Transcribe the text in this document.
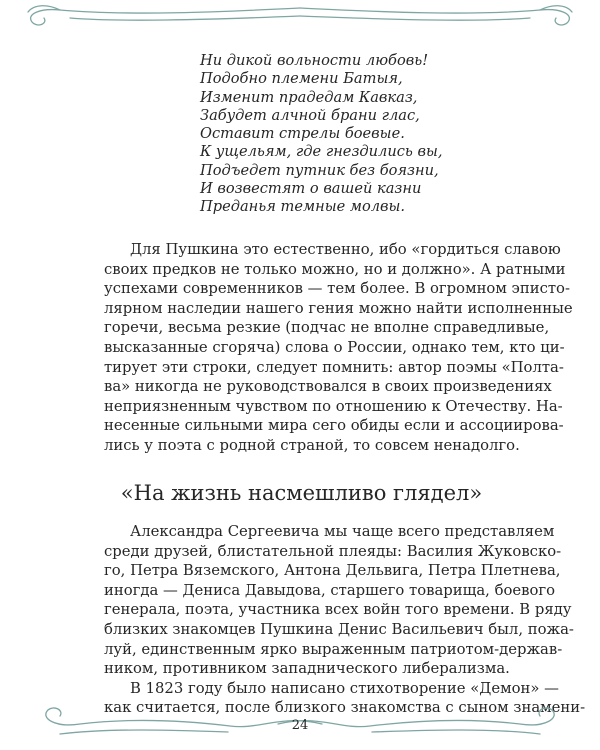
Ни дикой вольности любовь!
Подобно племени Батыя,
Изменит прадедам Кавказ,
Забудет алчной брани глас,
Оставит стрелы боевые.
К ущельям, где гнездились вы,
Подъедет путник без боязни,
И возвестят о вашей казни
Преданья темные молвы.
Для Пушкина это естественно, ибо «гордиться славою
своих предков не только можно, но и должно». А ратными
успехами современников — тем более. В огромном эписто-
лярном наследии нашего гения можно найти исполненные
горечи, весьма резкие (подчас не вполне справедливые,
высказанные сгоряча) слова о России, однако тем, кто ци-
тирует эти строки, следует помнить: автор поэмы «Полта-
ва» никогда не руководствовался в своих произведениях
неприязненным чувством по отношению к Отечеству. На-
несенные сильными мира сего обиды если и ассоциирова-
лись у поэта с родной страной, то совсем ненадолго.
«На жизнь насмешливо глядел»
Александра Сергеевича мы чаще всего представляем
среди друзей, блистательной плеяды: Василия Жуковско-
го, Петра Вяземского, Антона Дельвига, Петра Плетнева,
иногда — Дениса Давыдова, старшего товарища, боевого
генерала, поэта, участника всех войн того времени. В ряду
близких знакомцев Пушкина Денис Васильевич был, пожа-
луй, единственным ярко выраженным патриотом-держав-
ником, противником западнического либерализма.
В 1823 году было написано стихотворение «Демон» —
как считается, после близкого знакомства с сыном знамени-
24
